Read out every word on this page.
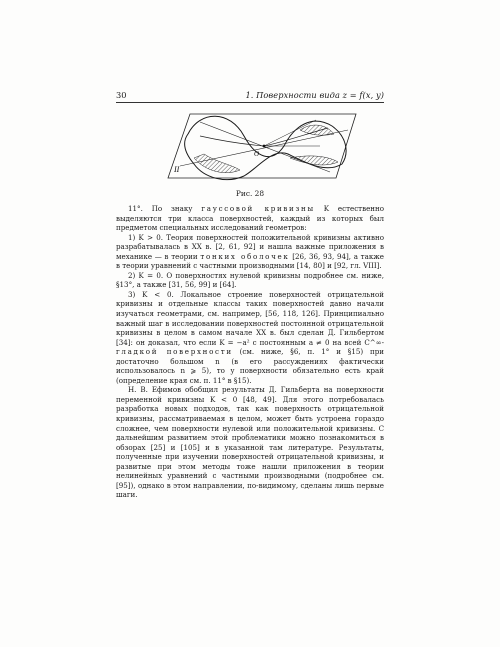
30	1. Поверхности вида z = f(x, y)
O
II
Рис. 28

11°. По знаку гауссовой кривизны K естественно выделяются три класса поверхностей, каждый из которых был предметом специальных исследований геометров:

1) K > 0. Теория поверхностей положительной кривизны активно разрабатывалась в XX в. [2, 61, 92] и нашла важные приложения в механике — в теории тонких оболочек [26, 36, 93, 94], а также в теории уравнений с частными производными [14, 80] и [92, гл. VIII].

2) K = 0. О поверхностях нулевой кривизны подробнее см. ниже, §13°, а также [31, 56, 99] и [64].

3) K < 0. Локальное строение поверхностей отрицательной кривизны и отдельные классы таких поверхностей давно начали изучаться геометрами, см. например, [56, 118, 126]. Принципиально важный шаг в исследовании поверхностей постоянной отрицательной кривизны в целом в самом начале XX в. был сделан Д. Гильбертом [34]: он доказал, что если K = −a² с постоянным a ≠ 0 на всей C^∞-гладкой поверхности (см. ниже, §6, п. 1° и §15) при достаточно большом n (в его рассуждениях фактически использовалось n ⩾ 5), то у поверхности обязательно есть край (определение края см. п. 11° в §15).

Н. В. Ефимов обобщил результаты Д. Гильберта на поверхности переменной кривизны K < 0 [48, 49]. Для этого потребовалась разработка новых подходов, так как поверхность отрицательной кривизны, рассматриваемая в целом, может быть устроена гораздо сложнее, чем поверхности нулевой или положительной кривизны. С дальнейшим развитием этой проблематики можно познакомиться в обзорах [25] и [105] и в указанной там литературе. Результаты, полученные при изучении поверхностей отрицательной кривизны, и развитые при этом методы тоже нашли приложения в теории нелинейных уравнений с частными производными (подробнее см. [95]), однако в этом направлении, по-видимому, сделаны лишь первые шаги.
